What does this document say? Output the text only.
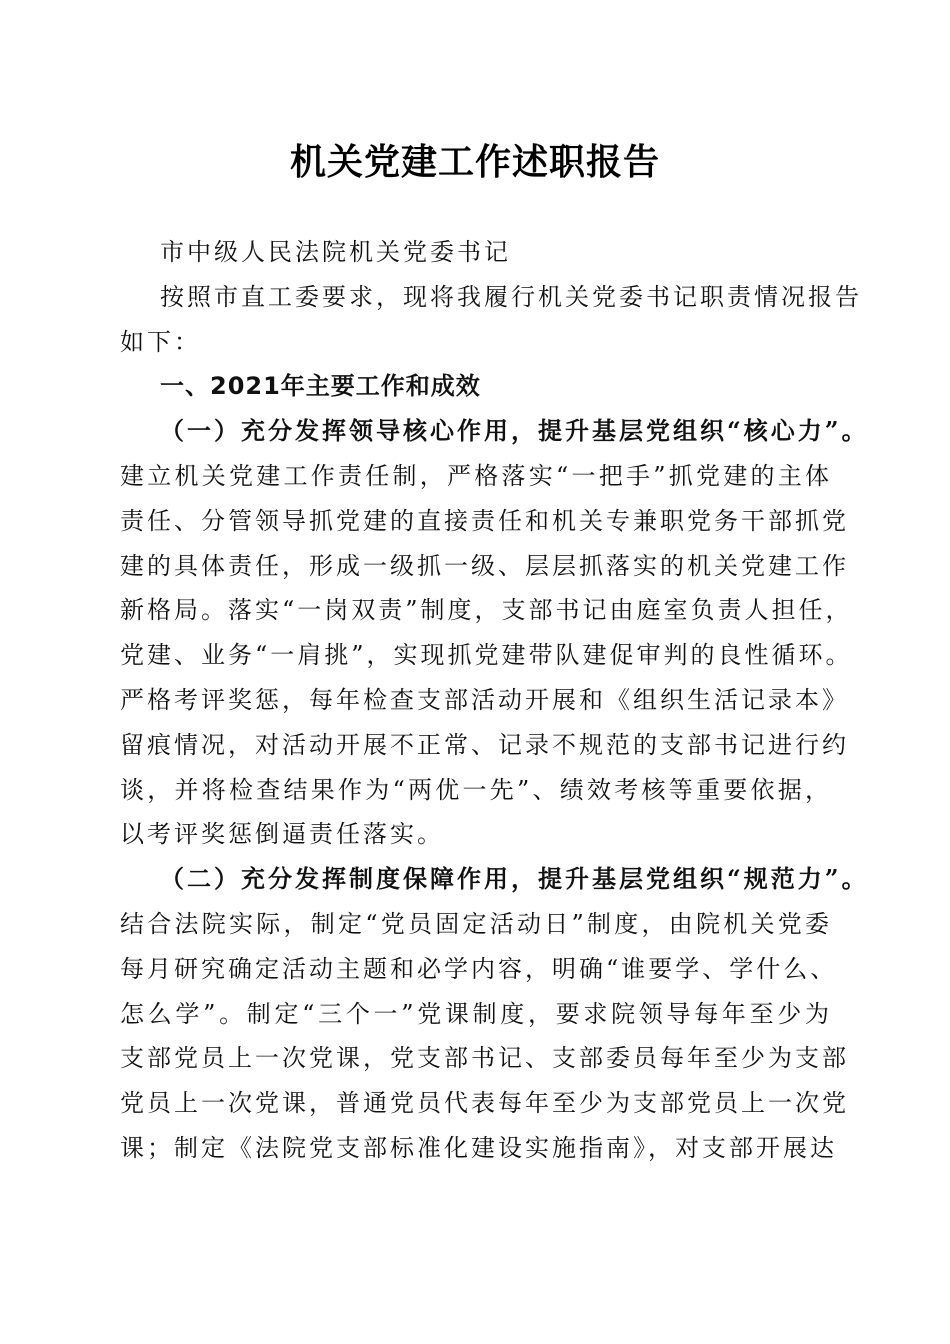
机关党建工作述职报告
市中级人民法院机关党委书记
按照市直工委要求，现将我履行机关党委书记职责情况报告
如下：
一、2021年主要工作和成效
（一）充分发挥领导核心作用，提升基层党组织“核心力”。
建立机关党建工作责任制，严格落实“一把手”抓党建的主体
责任、分管领导抓党建的直接责任和机关专兼职党务干部抓党
建的具体责任，形成一级抓一级、层层抓落实的机关党建工作
新格局。落实“一岗双责”制度，支部书记由庭室负责人担任，
党建、业务“一肩挑”，实现抓党建带队建促审判的良性循环。
严格考评奖惩，每年检查支部活动开展和《组织生活记录本》
留痕情况，对活动开展不正常、记录不规范的支部书记进行约
谈，并将检查结果作为“两优一先”、绩效考核等重要依据，
以考评奖惩倒逼责任落实。
（二）充分发挥制度保障作用，提升基层党组织“规范力”。
结合法院实际，制定“党员固定活动日”制度，由院机关党委
每月研究确定活动主题和必学内容，明确“谁要学、学什么、
怎么学”。制定“三个一”党课制度，要求院领导每年至少为
支部党员上一次党课，党支部书记、支部委员每年至少为支部
党员上一次党课，普通党员代表每年至少为支部党员上一次党
课；制定《法院党支部标准化建设实施指南》，对支部开展达
